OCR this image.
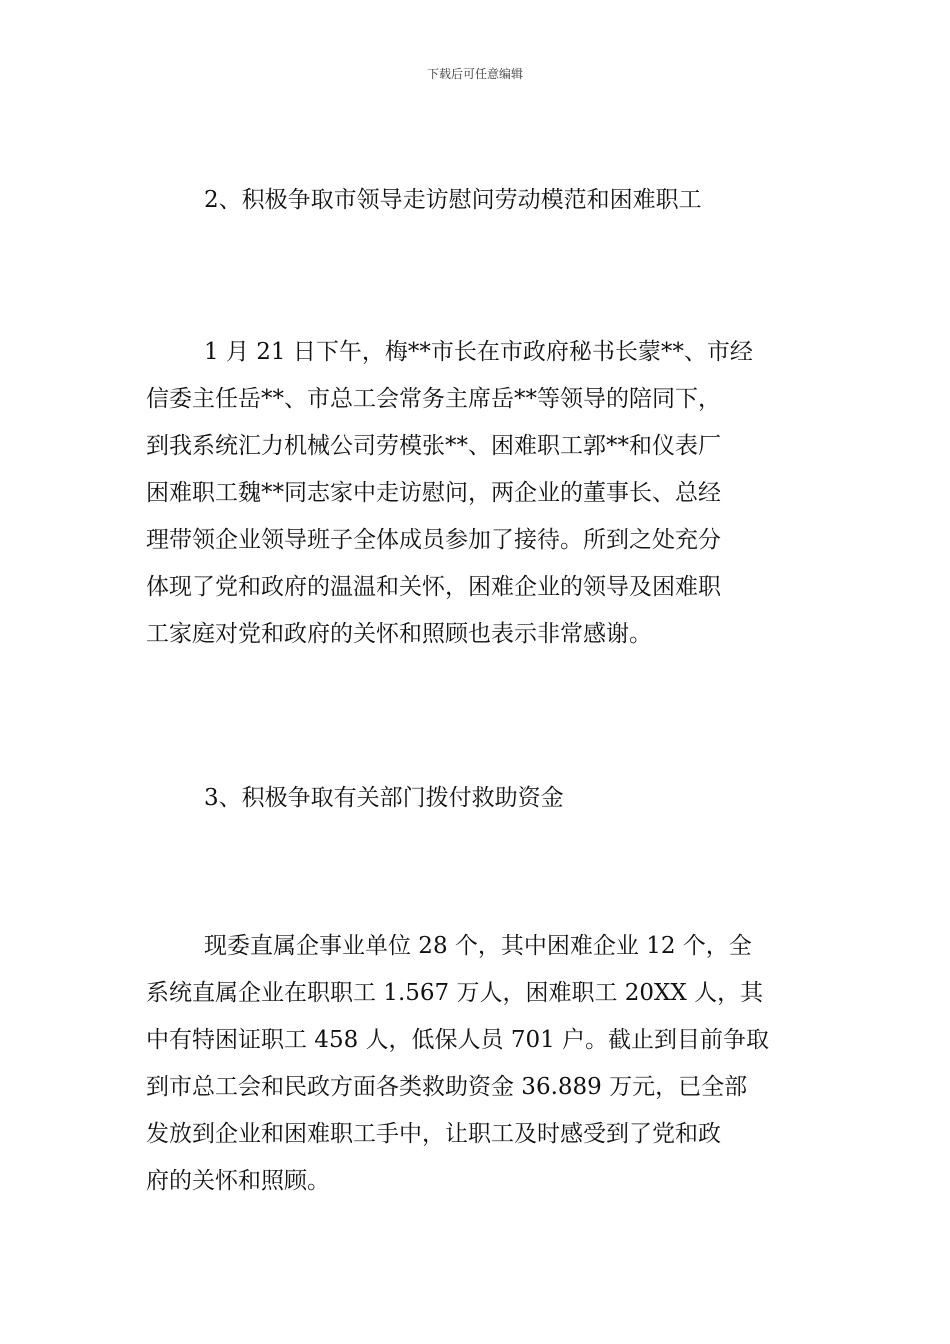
下载后可任意编辑
2、积极争取市领导走访慰问劳动模范和困难职工
1 月 21 日下午，梅**市长在市政府秘书长蒙**、市经
信委主任岳**、市总工会常务主席岳**等领导的陪同下，
到我系统汇力机械公司劳模张**、困难职工郭**和仪表厂
困难职工魏**同志家中走访慰问，两企业的董事长、总经
理带领企业领导班子全体成员参加了接待。所到之处充分
体现了党和政府的温温和关怀，困难企业的领导及困难职
工家庭对党和政府的关怀和照顾也表示非常感谢。
3、积极争取有关部门拨付救助资金
现委直属企事业单位 28 个，其中困难企业 12 个，全
系统直属企业在职职工 1.567 万人，困难职工 20XX 人，其
中有特困证职工 458 人，低保人员 701 户。截止到目前争取
到市总工会和民政方面各类救助资金 36.889 万元，已全部
发放到企业和困难职工手中，让职工及时感受到了党和政
府的关怀和照顾。
